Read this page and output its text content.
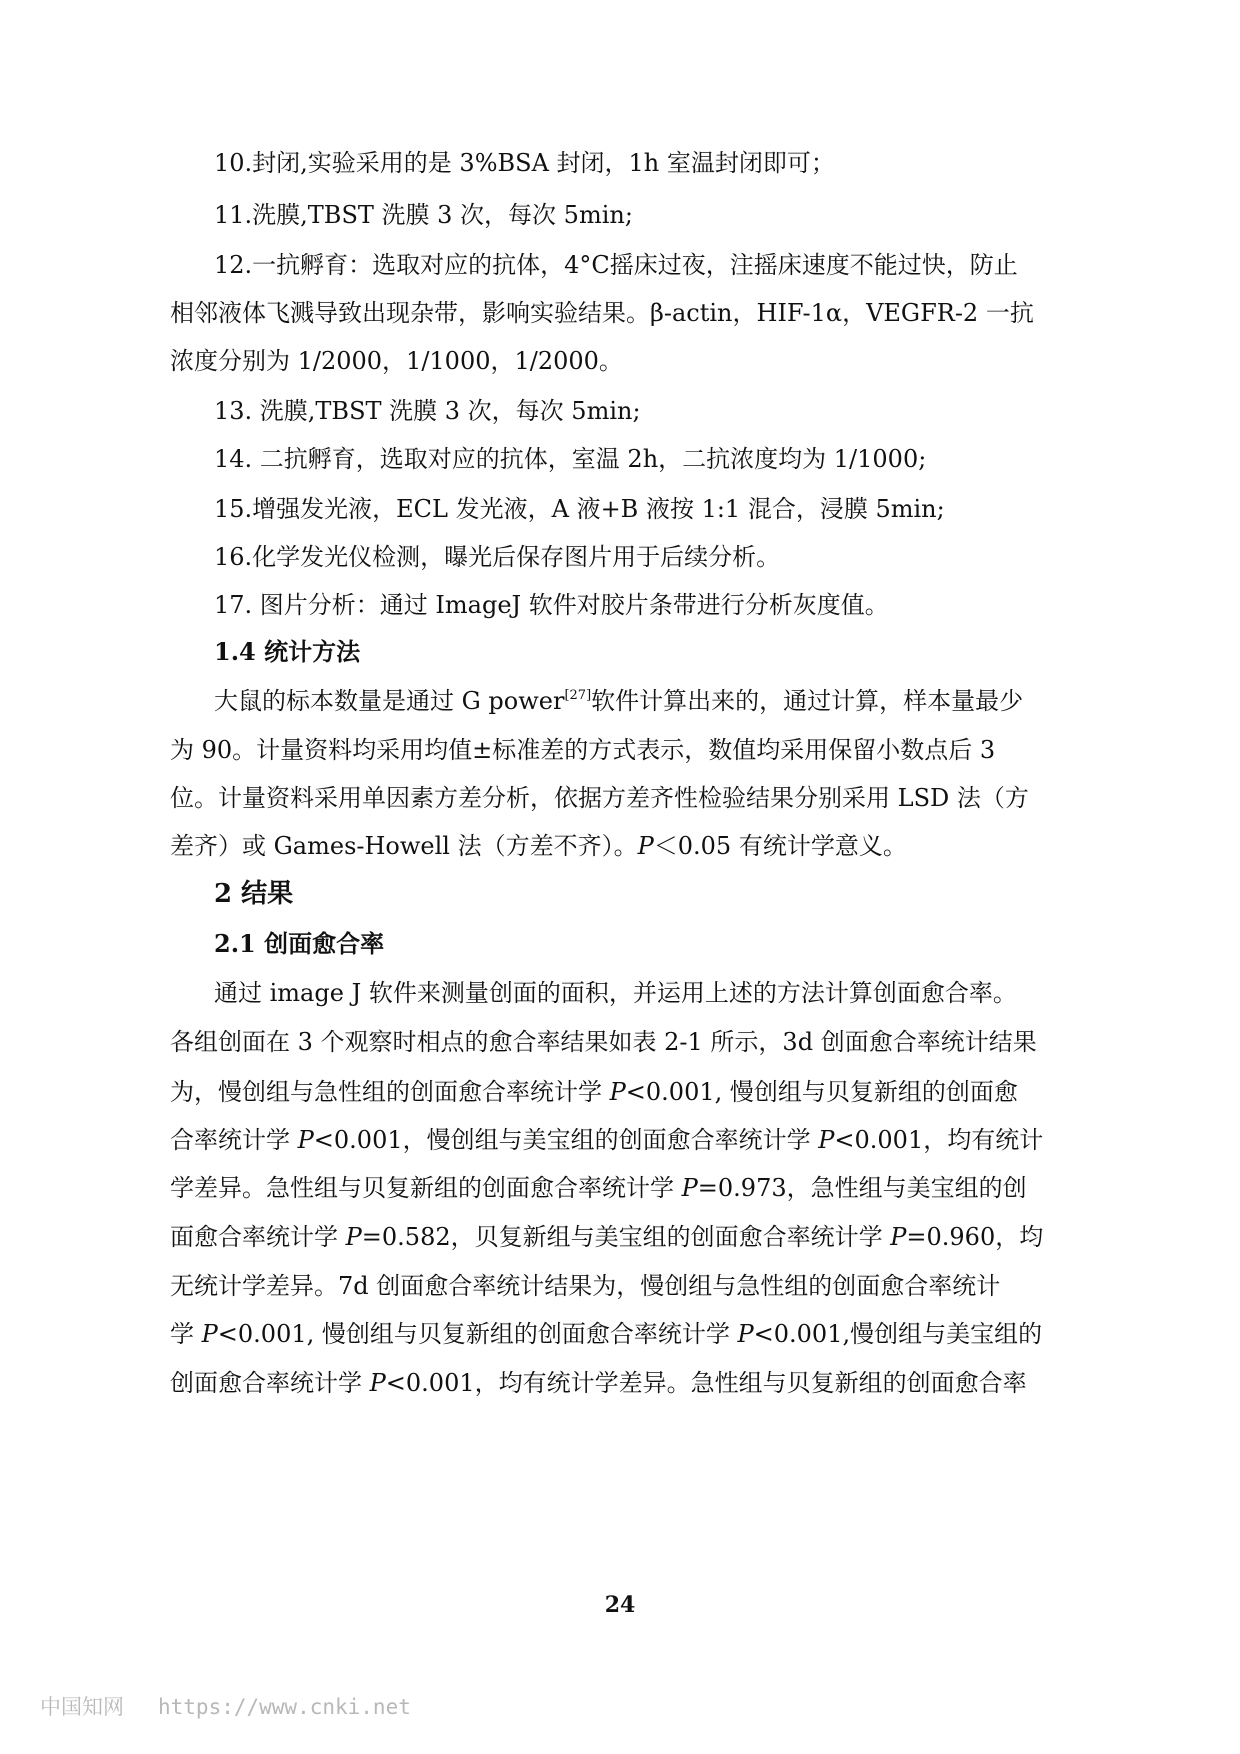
10.封闭,实验采用的是 3%BSA 封闭，1h 室温封闭即可；
11.洗膜,TBST 洗膜 3 次，每次 5min;
12.一抗孵育：选取对应的抗体，4°C摇床过夜，注摇床速度不能过快，防止
相邻液体飞溅导致出现杂带，影响实验结果。β-actin，HIF-1α，VEGFR-2 一抗
浓度分别为 1/2000，1/1000，1/2000。
13. 洗膜,TBST 洗膜 3 次，每次 5min;
14. 二抗孵育，选取对应的抗体，室温 2h，二抗浓度均为 1/1000;
15.增强发光液，ECL 发光液，A 液+B 液按 1:1 混合，浸膜 5min;
16.化学发光仪检测，曝光后保存图片用于后续分析。
17. 图片分析：通过 ImageJ 软件对胶片条带进行分析灰度值。
1.4 统计方法
大鼠的标本数量是通过 G power[27]软件计算出来的，通过计算，样本量最少
为 90。计量资料均采用均值±标准差的方式表示，数值均采用保留小数点后 3
位。计量资料采用单因素方差分析，依据方差齐性检验结果分别采用 LSD 法（方
差齐）或 Games-Howell 法（方差不齐）。P＜0.05 有统计学意义。
2 结果
2.1 创面愈合率
通过 image J 软件来测量创面的面积，并运用上述的方法计算创面愈合率。
各组创面在 3 个观察时相点的愈合率结果如表 2-1 所示，3d 创面愈合率统计结果
为，慢创组与急性组的创面愈合率统计学 P<0.001, 慢创组与贝复新组的创面愈
合率统计学 P<0.001，慢创组与美宝组的创面愈合率统计学 P<0.001，均有统计
学差异。急性组与贝复新组的创面愈合率统计学 P=0.973，急性组与美宝组的创
面愈合率统计学 P=0.582，贝复新组与美宝组的创面愈合率统计学 P=0.960，均
无统计学差异。7d 创面愈合率统计结果为，慢创组与急性组的创面愈合率统计
学 P<0.001, 慢创组与贝复新组的创面愈合率统计学 P<0.001,慢创组与美宝组的
创面愈合率统计学 P<0.001，均有统计学差异。急性组与贝复新组的创面愈合率
24
中国知网 https://www.cnki.net
